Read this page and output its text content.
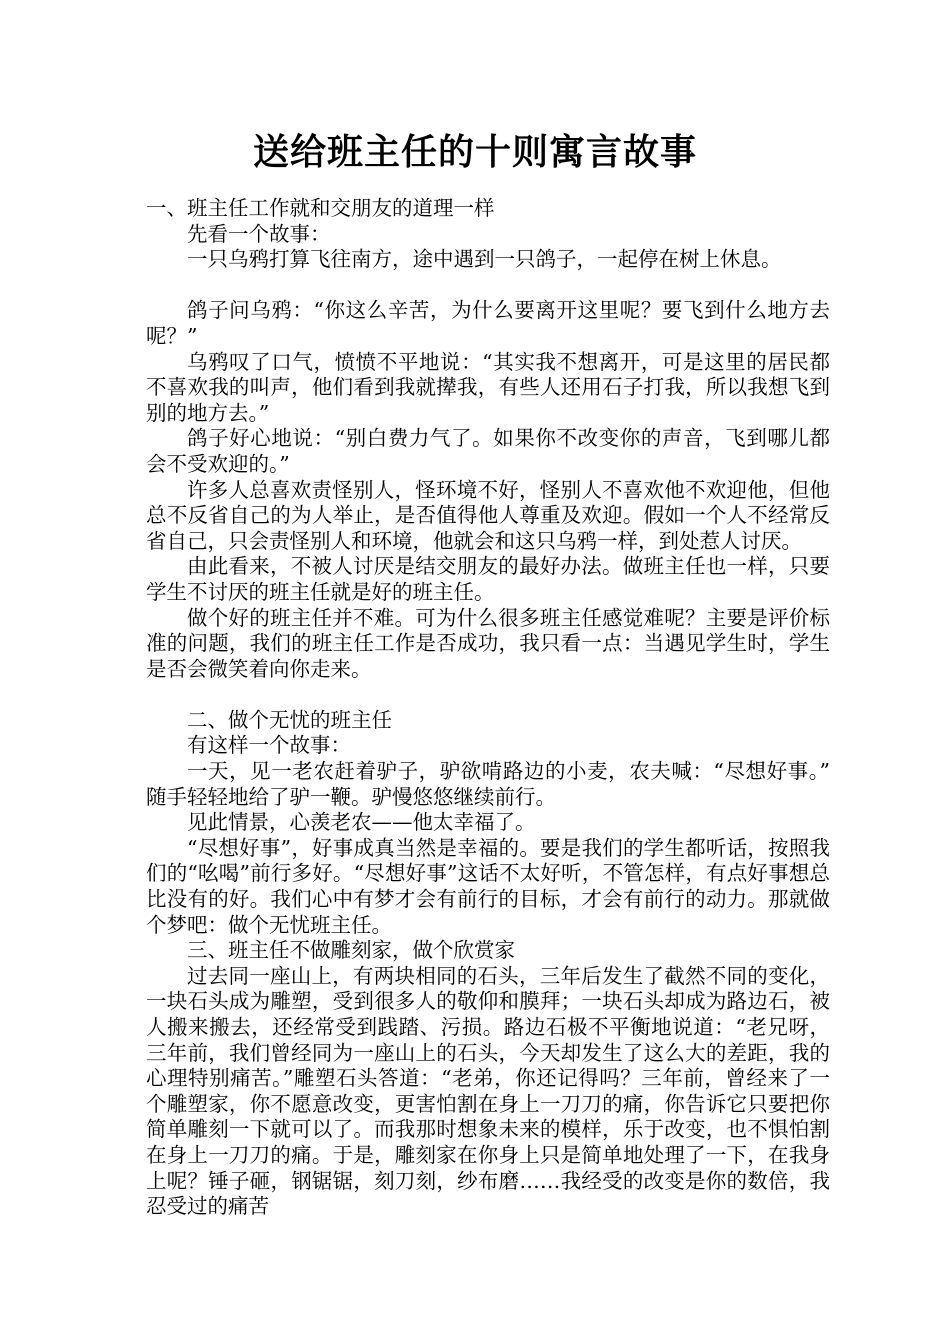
送给班主任的十则寓言故事

一、班主任工作就和交朋友的道理一样

先看一个故事：

一只乌鸦打算飞往南方，途中遇到一只鸽子，一起停在树上休息。

鸽子问乌鸦：“你这么辛苦，为什么要离开这里呢？要飞到什么地方去呢？”

乌鸦叹了口气，愤愤不平地说：“其实我不想离开，可是这里的居民都不喜欢我的叫声，他们看到我就撵我，有些人还用石子打我，所以我想飞到别的地方去。”

鸽子好心地说：“别白费力气了。如果你不改变你的声音，飞到哪儿都会不受欢迎的。”

许多人总喜欢责怪别人，怪环境不好，怪别人不喜欢他不欢迎他，但他总不反省自己的为人举止，是否值得他人尊重及欢迎。假如一个人不经常反省自己，只会责怪别人和环境，他就会和这只乌鸦一样，到处惹人讨厌。

由此看来，不被人讨厌是结交朋友的最好办法。做班主任也一样，只要学生不讨厌的班主任就是好的班主任。

做个好的班主任并不难。可为什么很多班主任感觉难呢？主要是评价标准的问题，我们的班主任工作是否成功，我只看一点：当遇见学生时，学生是否会微笑着向你走来。

二、做个无忧的班主任

有这样一个故事：

一天，见一老农赶着驴子，驴欲啃路边的小麦，农夫喊：“尽想好事。”　随手轻轻地给了驴一鞭。驴慢悠悠继续前行。

见此情景，心羡老农——他太幸福了。

“尽想好事”，好事成真当然是幸福的。要是我们的学生都听话，按照我们的“吆喝”前行多好。“尽想好事”这话不太好听，不管怎样，有点好事想总比没有的好。我们心中有梦才会有前行的目标，才会有前行的动力。那就做个梦吧：做个无忧班主任。

三、班主任不做雕刻家，做个欣赏家

过去同一座山上，有两块相同的石头，三年后发生了截然不同的变化，一块石头成为雕塑，受到很多人的敬仰和膜拜；一块石头却成为路边石，被人搬来搬去，还经常受到践踏、污损。路边石极不平衡地说道：“老兄呀，三年前，我们曾经同为一座山上的石头，今天却发生了这么大的差距，我的心理特别痛苦。”雕塑石头答道：“老弟，你还记得吗？三年前，曾经来了一个雕塑家，你不愿意改变，更害怕割在身上一刀刀的痛，你告诉它只要把你简单雕刻一下就可以了。而我那时想象未来的模样，乐于改变，也不惧怕割在身上一刀刀的痛。于是，雕刻家在你身上只是简单地处理了一下，在我身上呢？锤子砸，钢锯锯，刻刀刻，纱布磨……我经受的改变是你的数倍，我忍受过的痛苦
